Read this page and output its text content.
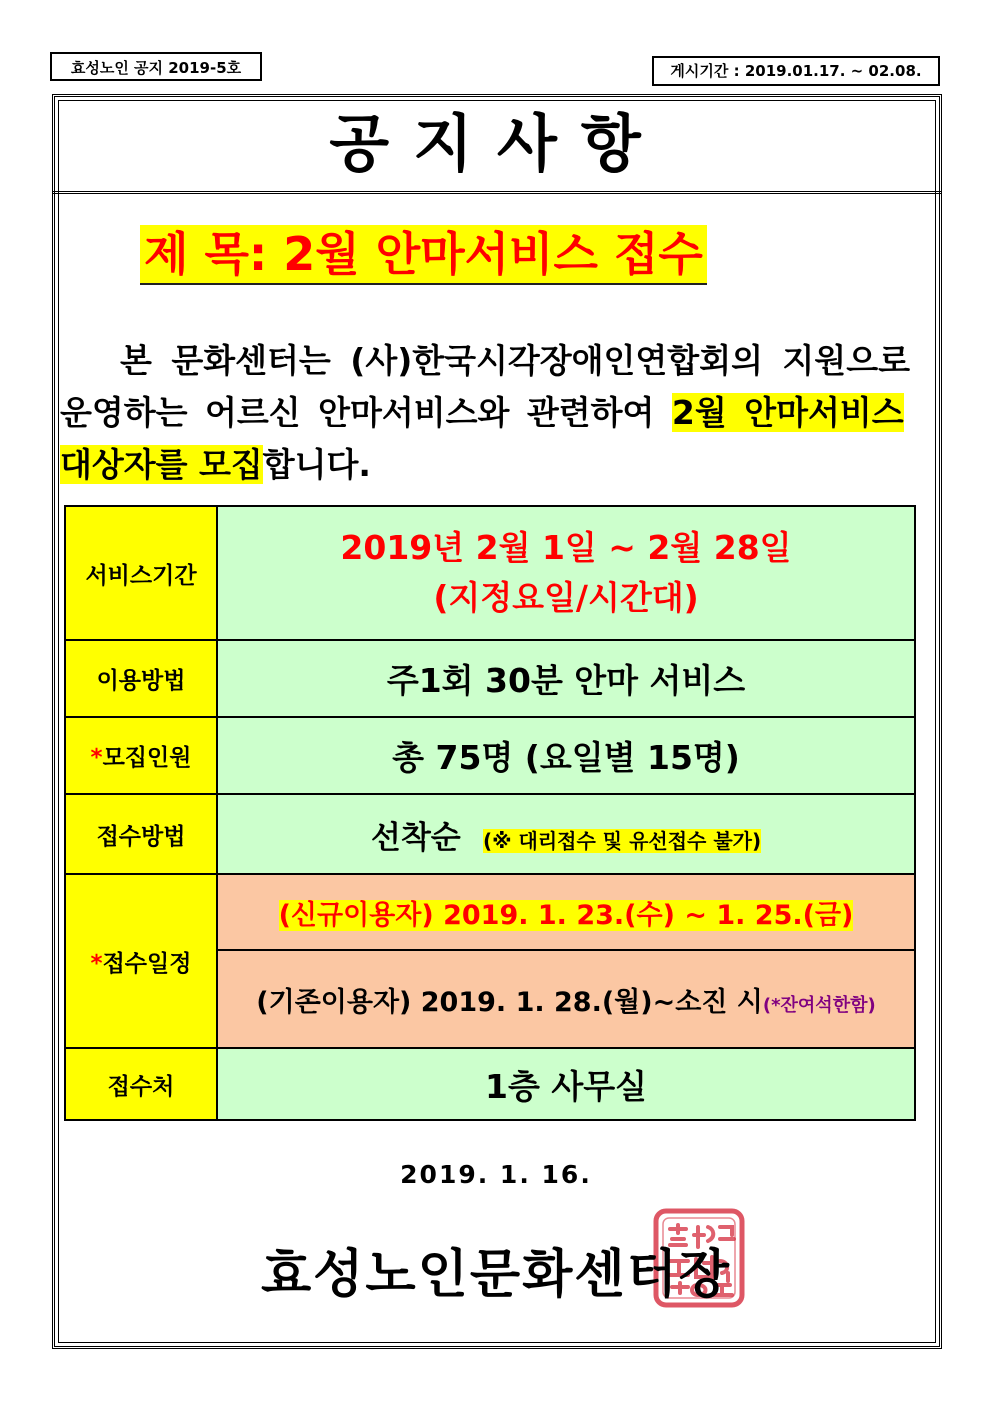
효성노인 공지 2019-5호	게시기간 : 2019.01.17. ~ 02.08.
공지사항
제 목: 2월 안마서비스 접수
본 문화센터는 (사)한국시각장애인연합회의 지원으로
운영하는 어르신 안마서비스와 관련하여 2월 안마서비스
대상자를 모집합니다.
서비스기간	2019년 2월 1일 ~ 2월 28일
(지정요일/시간대)

이용방법	주1회 30분 안마 서비스
*모집인원	총 75명 (요일별 15명)
접수방법	선착순 (※ 대리접수 및 유선접수 불가)
*접수일정	(신규이용자) 2019. 1. 23.(수) ~ 1. 25.(금)
	(기존이용자) 2019. 1. 28.(월)~소진 시(*잔여석한함)
접수처	1층 사무실
2019. 1. 16.
효성노인문화센터장
